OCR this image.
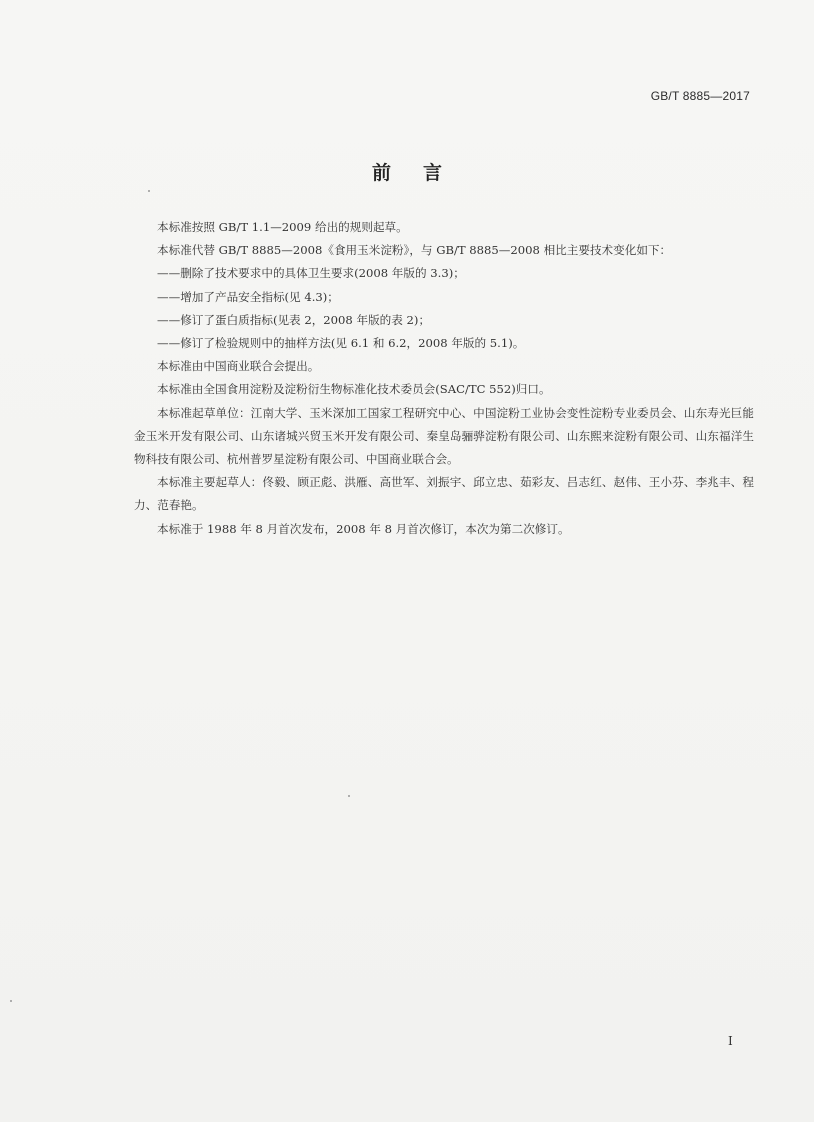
GB/T 8885—2017
前言

本标准按照 GB/T 1.1—2009 给出的规则起草。

本标准代替 GB/T 8885—2008《食用玉米淀粉》，与 GB/T 8885—2008 相比主要技术变化如下：

——删除了技术要求中的具体卫生要求(2008 年版的 3.3)；

——增加了产品安全指标(见 4.3)；

——修订了蛋白质指标(见表 2，2008 年版的表 2)；

——修订了检验规则中的抽样方法(见 6.1 和 6.2，2008 年版的 5.1)。

本标准由中国商业联合会提出。

本标准由全国食用淀粉及淀粉衍生物标准化技术委员会(SAC/TC 552)归口。

本标准起草单位：江南大学、玉米深加工国家工程研究中心、中国淀粉工业协会变性淀粉专业委员会、山东寿光巨能金玉米开发有限公司、山东诸城兴贸玉米开发有限公司、秦皇岛骊骅淀粉有限公司、山东熙来淀粉有限公司、山东福洋生物科技有限公司、杭州普罗星淀粉有限公司、中国商业联合会。

本标准主要起草人：佟毅、顾正彪、洪雁、高世军、刘振宇、邱立忠、茹彩友、吕志红、赵伟、王小芬、李兆丰、程力、范春艳。

本标准于 1988 年 8 月首次发布，2008 年 8 月首次修订，本次为第二次修订。

I
